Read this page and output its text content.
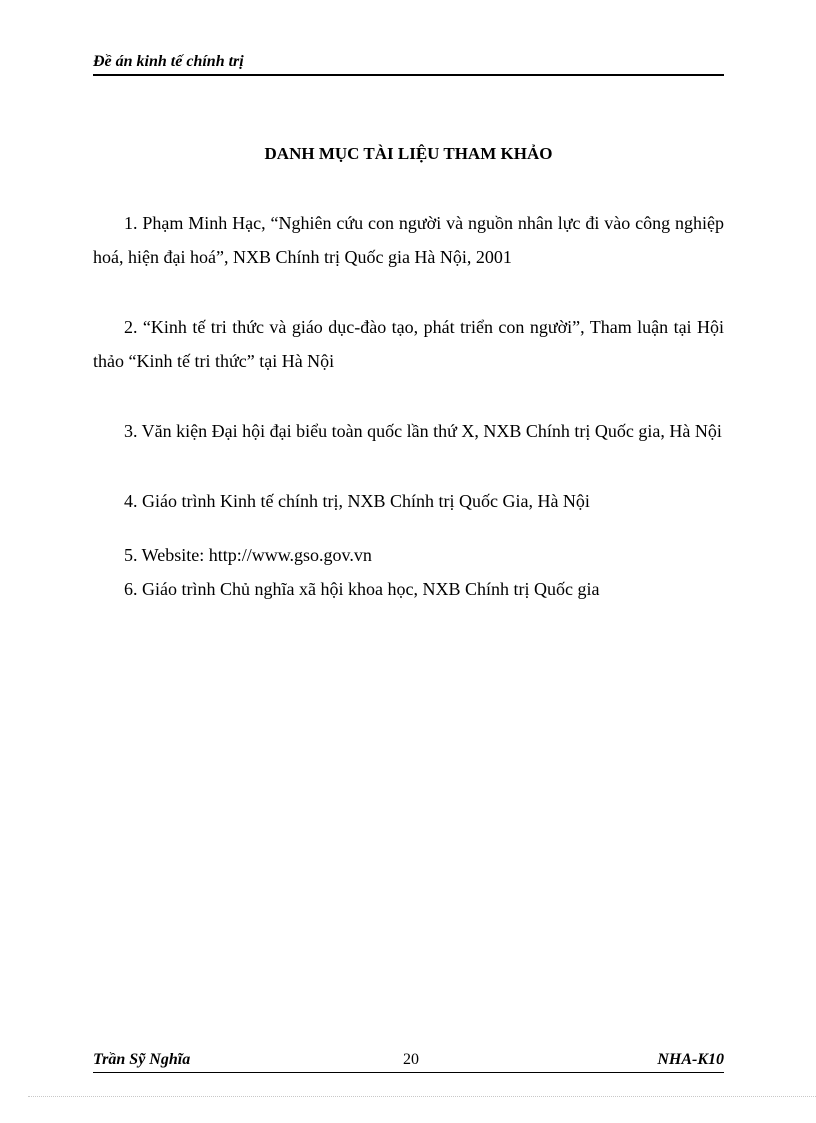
Đề án kinh tế chính trị
DANH MỤC TÀI LIỆU THAM KHẢO
1. Phạm Minh Hạc, “Nghiên cứu con người và nguồn nhân lực đi vào công nghiệp hoá, hiện đại hoá”, NXB Chính trị Quốc gia Hà Nội, 2001
2. “Kinh tế tri thức và giáo dục-đào tạo, phát triển con người”, Tham luận tại Hội thảo “Kinh tế tri thức” tại Hà Nội
3. Văn kiện Đại hội đại biểu toàn quốc lần thứ X, NXB Chính trị Quốc gia, Hà Nội
4. Giáo trình Kinh tế chính trị, NXB Chính trị Quốc Gia, Hà Nội
5. Website: http://www.gso.gov.vn
6. Giáo trình Chủ nghĩa xã hội khoa học, NXB Chính trị Quốc gia
Trần Sỹ Nghĩa	20	NHA-K10
